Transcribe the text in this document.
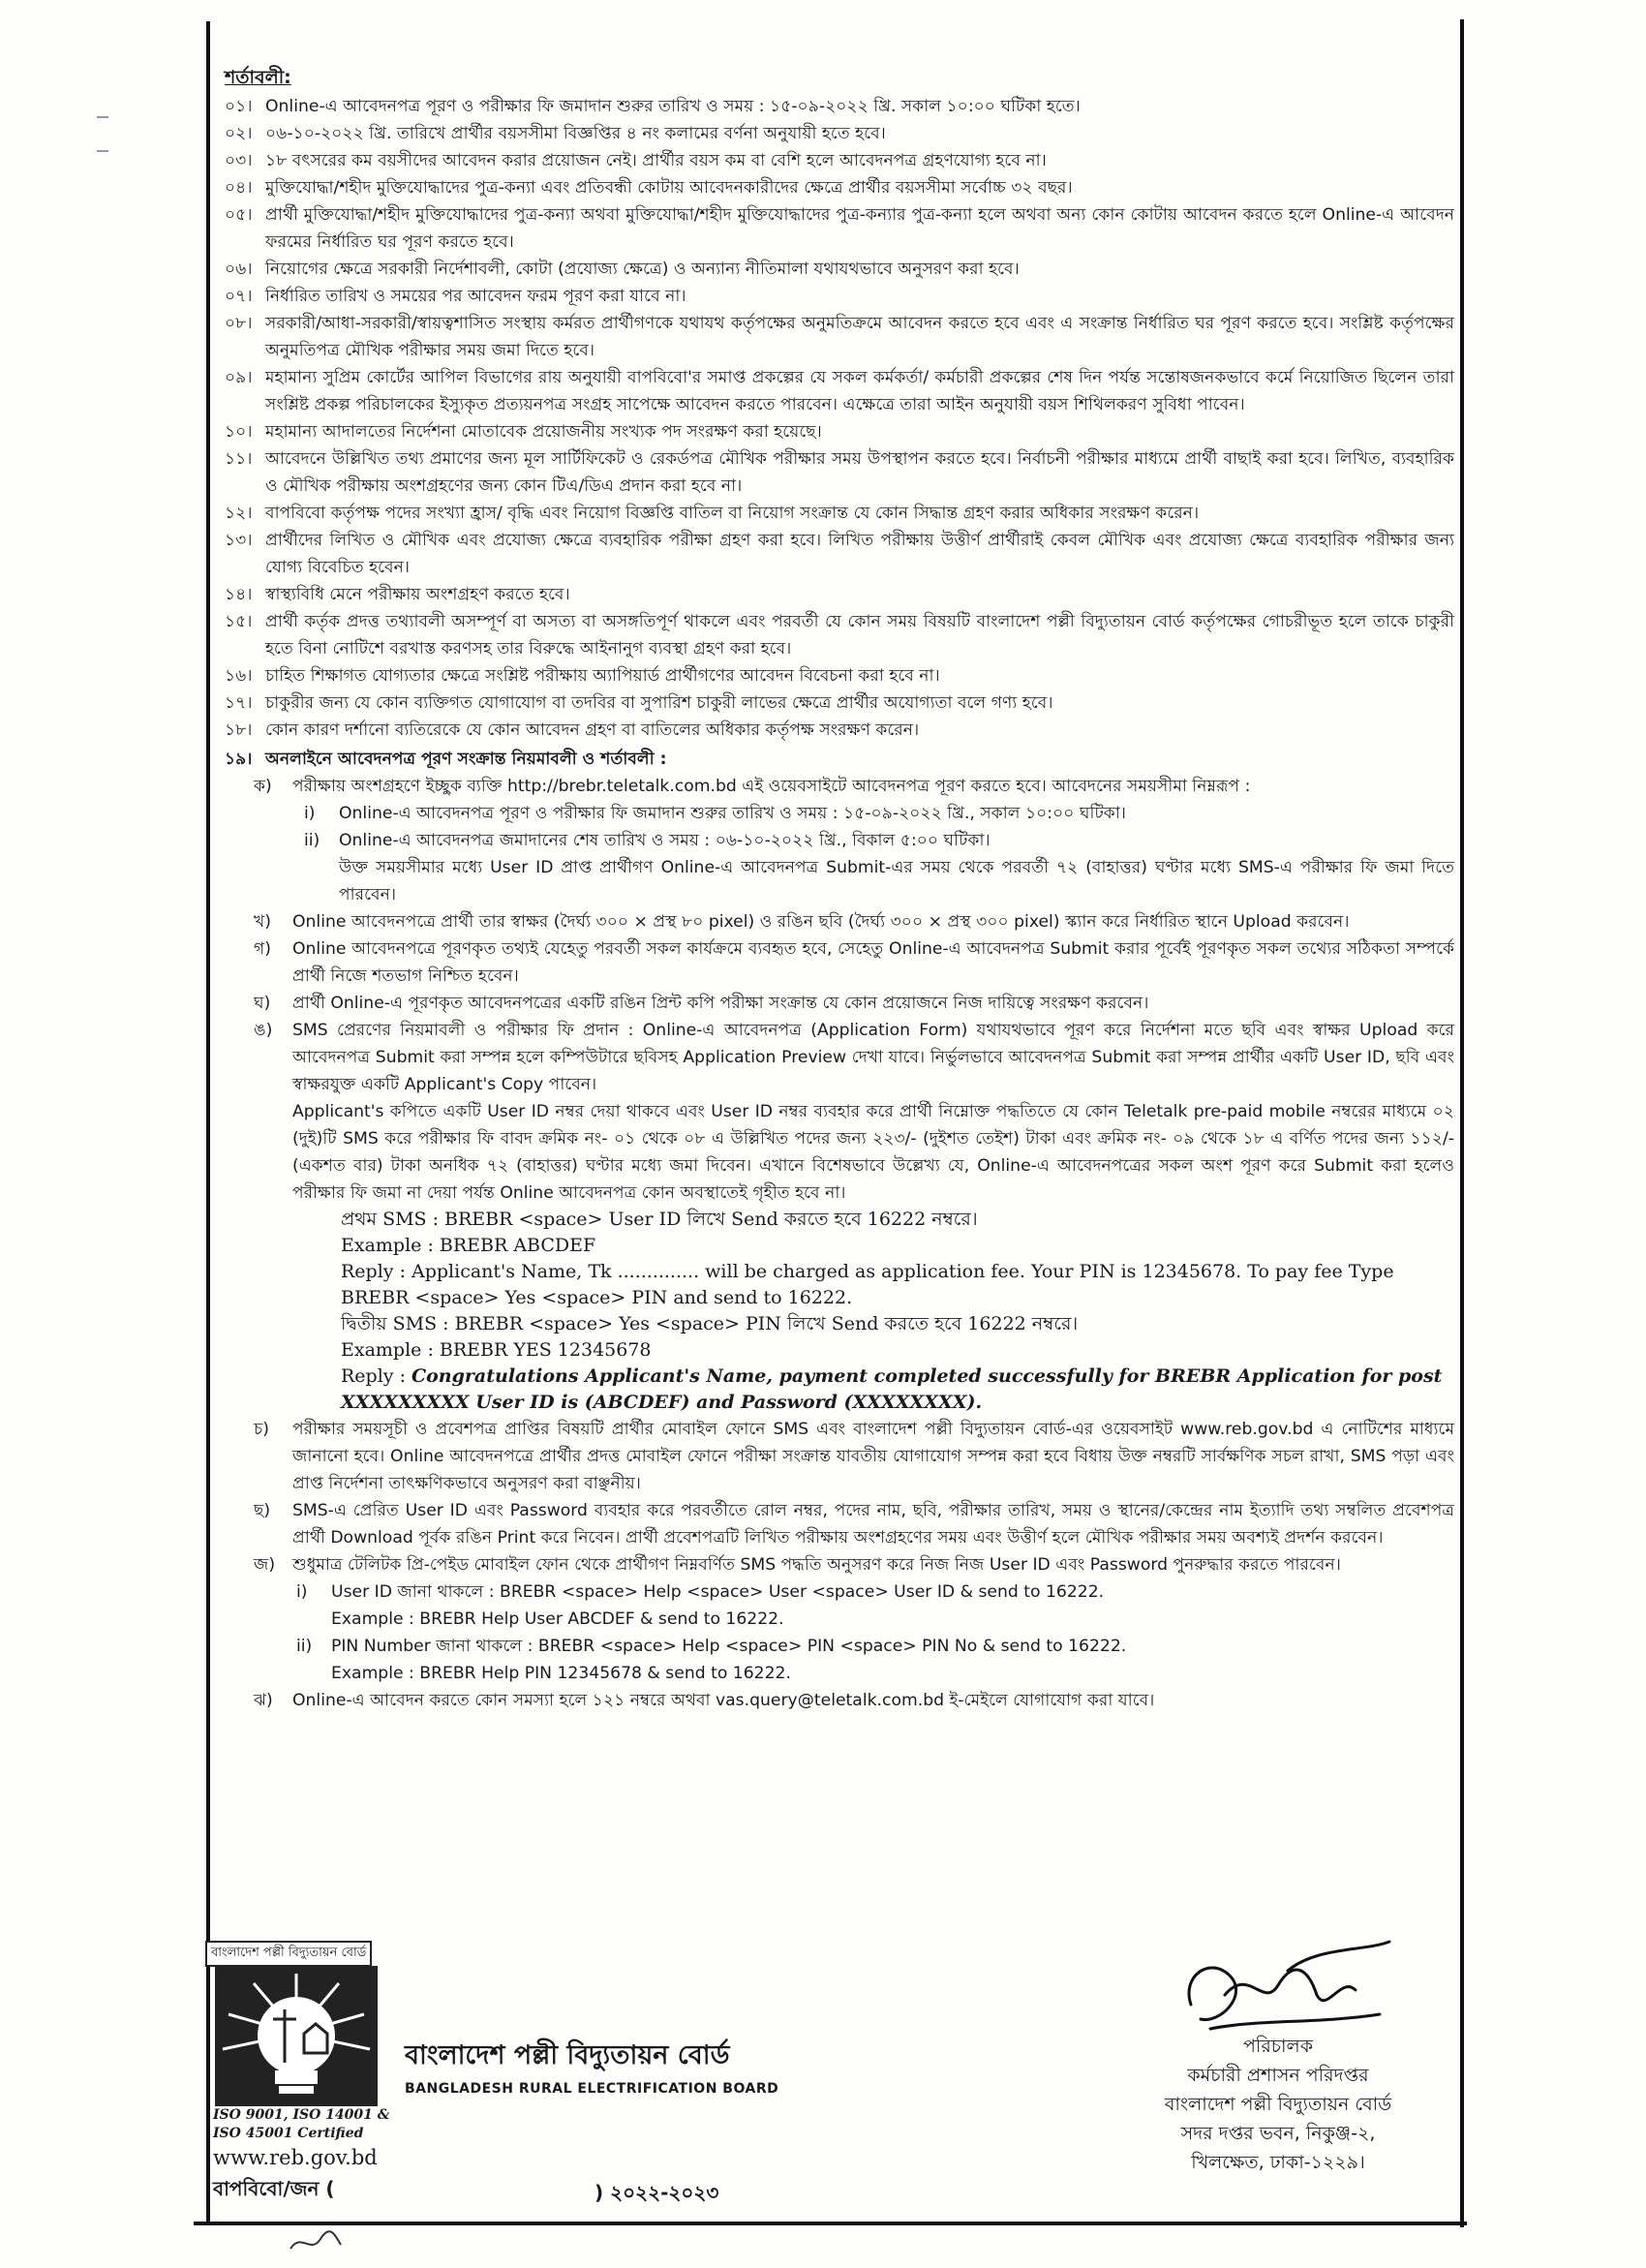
শর্তাবলী:
০১। Online-এ আবেদনপত্র পূরণ ও পরীক্ষার ফি জমাদান শুরুর তারিখ ও সময় : ১৫-০৯-২০২২ খ্রি. সকাল ১০:০০ ঘটিকা হতে।
০২। ০৬-১০-২০২২ খ্রি. তারিখে প্রার্থীর বয়সসীমা বিজ্ঞপ্তির ৪ নং কলামের বর্ণনা অনুযায়ী হতে হবে।
০৩। ১৮ বৎসরের কম বয়সীদের আবেদন করার প্রয়োজন নেই। প্রার্থীর বয়স কম বা বেশি হলে আবেদনপত্র গ্রহণযোগ্য হবে না।
০৪। মুক্তিযোদ্ধা/শহীদ মুক্তিযোদ্ধাদের পুত্র-কন্যা এবং প্রতিবন্ধী কোটায় আবেদনকারীদের ক্ষেত্রে প্রার্থীর বয়সসীমা সর্বোচ্চ ৩২ বছর।
০৫। প্রার্থী মুক্তিযোদ্ধা/শহীদ মুক্তিযোদ্ধাদের পুত্র-কন্যা অথবা মুক্তিযোদ্ধা/শহীদ মুক্তিযোদ্ধাদের পুত্র-কন্যার পুত্র-কন্যা হলে অথবা অন্য কোন কোটায় আবেদন করতে হলে Online-এ আবেদন ফরমের নির্ধারিত ঘর পূরণ করতে হবে।
০৬। নিয়োগের ক্ষেত্রে সরকারী নির্দেশাবলী, কোটা (প্রযোজ্য ক্ষেত্রে) ও অন্যান্য নীতিমালা যথাযথভাবে অনুসরণ করা হবে।
০৭। নির্ধারিত তারিখ ও সময়ের পর আবেদন ফরম পূরণ করা যাবে না।
০৮। সরকারী/আধা-সরকারী/স্বায়ত্বশাসিত সংস্থায় কর্মরত প্রার্থীগণকে যথাযথ কর্তৃপক্ষের অনুমতিক্রমে আবেদন করতে হবে এবং এ সংক্রান্ত নির্ধারিত ঘর পূরণ করতে হবে। সংশ্লিষ্ট কর্তৃপক্ষের অনুমতিপত্র মৌখিক পরীক্ষার সময় জমা দিতে হবে।
০৯। মহামান্য সুপ্রিম কোর্টের আপিল বিভাগের রায় অনুযায়ী বাপবিবো'র সমাপ্ত প্রকল্পের যে সকল কর্মকর্তা/ কর্মচারী প্রকল্পের শেষ দিন পর্যন্ত সন্তোষজনকভাবে কর্মে নিয়োজিত ছিলেন তারা সংশ্লিষ্ট প্রকল্প পরিচালকের ইস্যুকৃত প্রত্যয়নপত্র সংগ্রহ সাপেক্ষে আবেদন করতে পারবেন। এক্ষেত্রে তারা আইন অনুযায়ী বয়স শিথিলকরণ সুবিধা পাবেন।
১০। মহামান্য আদালতের নির্দেশনা মোতাবেক প্রয়োজনীয় সংখ্যক পদ সংরক্ষণ করা হয়েছে।
১১। আবেদনে উল্লিখিত তথ্য প্রমাণের জন্য মূল সার্টিফিকেট ও রেকর্ডপত্র মৌখিক পরীক্ষার সময় উপস্থাপন করতে হবে। নির্বাচনী পরীক্ষার মাধ্যমে প্রার্থী বাছাই করা হবে। লিখিত, ব্যবহারিক ও মৌখিক পরীক্ষায় অংশগ্রহণের জন্য কোন টিএ/ডিএ প্রদান করা হবে না।
১২। বাপবিবো কর্তৃপক্ষ পদের সংখ্যা হ্রাস/ বৃদ্ধি এবং নিয়োগ বিজ্ঞপ্তি বাতিল বা নিয়োগ সংক্রান্ত যে কোন সিদ্ধান্ত গ্রহণ করার অধিকার সংরক্ষণ করেন।
১৩। প্রার্থীদের লিখিত ও মৌখিক এবং প্রযোজ্য ক্ষেত্রে ব্যবহারিক পরীক্ষা গ্রহণ করা হবে। লিখিত পরীক্ষায় উত্তীর্ণ প্রার্থীরাই কেবল মৌখিক এবং প্রযোজ্য ক্ষেত্রে ব্যবহারিক পরীক্ষার জন্য যোগ্য বিবেচিত হবেন।
১৪। স্বাস্থ্যবিধি মেনে পরীক্ষায় অংশগ্রহণ করতে হবে।
১৫। প্রার্থী কর্তৃক প্রদত্ত তথ্যাবলী অসম্পূর্ণ বা অসত্য বা অসঙ্গতিপূর্ণ থাকলে এবং পরবর্তী যে কোন সময় বিষয়টি বাংলাদেশ পল্লী বিদ্যুতায়ন বোর্ড কর্তৃপক্ষের গোচরীভূত হলে তাকে চাকুরী হতে বিনা নোটিশে বরখাস্ত করণসহ তার বিরুদ্ধে আইনানুগ ব্যবস্থা গ্রহণ করা হবে।
১৬। চাহিত শিক্ষাগত যোগ্যতার ক্ষেত্রে সংশ্লিষ্ট পরীক্ষায় অ্যাপিয়ার্ড প্রার্থীগণের আবেদন বিবেচনা করা হবে না।
১৭। চাকুরীর জন্য যে কোন ব্যক্তিগত যোগাযোগ বা তদবির বা সুপারিশ চাকুরী লাভের ক্ষেত্রে প্রার্থীর অযোগ্যতা বলে গণ্য হবে।
১৮। কোন কারণ দর্শানো ব্যতিরেকে যে কোন আবেদন গ্রহণ বা বাতিলের অধিকার কর্তৃপক্ষ সংরক্ষণ করেন।
১৯। অনলাইনে আবেদনপত্র পূরণ সংক্রান্ত নিয়মাবলী ও শর্তাবলী :
ক)	পরীক্ষায় অংশগ্রহণে ইচ্ছুক ব্যক্তি http://brebr.teletalk.com.bd এই ওয়েবসাইটে আবেদনপত্র পূরণ করতে হবে। আবেদনের সময়সীমা নিম্নরূপ :
i)	Online-এ আবেদনপত্র পূরণ ও পরীক্ষার ফি জমাদান শুরুর তারিখ ও সময় : ১৫-০৯-২০২২ খ্রি., সকাল ১০:০০ ঘটিকা।
ii)	Online-এ আবেদনপত্র জমাদানের শেষ তারিখ ও সময় : ০৬-১০-২০২২ খ্রি., বিকাল ৫:০০ ঘটিকা।
উক্ত সময়সীমার মধ্যে User ID প্রাপ্ত প্রার্থীগণ Online-এ আবেদনপত্র Submit-এর সময় থেকে পরবর্তী ৭২ (বাহাত্তর) ঘণ্টার মধ্যে SMS-এ পরীক্ষার ফি জমা দিতে পারবেন।
খ)	Online আবেদনপত্রে প্রার্থী তার স্বাক্ষর (দৈর্ঘ্য ৩০০ × প্রস্থ ৮০ pixel) ও রঙিন ছবি (দৈর্ঘ্য ৩০০ × প্রস্থ ৩০০ pixel) স্ক্যান করে নির্ধারিত স্থানে Upload করবেন।
গ)	Online আবেদনপত্রে পূরণকৃত তথ্যই যেহেতু পরবর্তী সকল কার্যক্রমে ব্যবহৃত হবে, সেহেতু Online-এ আবেদনপত্র Submit করার পূর্বেই পূরণকৃত সকল তথ্যের সঠিকতা সম্পর্কে প্রার্থী নিজে শতভাগ নিশ্চিত হবেন।
ঘ)	প্রার্থী Online-এ পূরণকৃত আবেদনপত্রের একটি রঙিন প্রিন্ট কপি পরীক্ষা সংক্রান্ত যে কোন প্রয়োজনে নিজ দায়িত্বে সংরক্ষণ করবেন।
ঙ)	SMS প্রেরণের নিয়মাবলী ও পরীক্ষার ফি প্রদান : Online-এ আবেদনপত্র (Application Form) যথাযথভাবে পূরণ করে নির্দেশনা মতে ছবি এবং স্বাক্ষর Upload করে আবেদনপত্র Submit করা সম্পন্ন হলে কম্পিউটারে ছবিসহ Application Preview দেখা যাবে। নির্ভুলভাবে আবেদনপত্র Submit করা সম্পন্ন প্রার্থীর একটি User ID, ছবি এবং স্বাক্ষরযুক্ত একটি Applicant's Copy পাবেন।
Applicant's কপিতে একটি User ID নম্বর দেয়া থাকবে এবং User ID নম্বর ব্যবহার করে প্রার্থী নিম্নোক্ত পদ্ধতিতে যে কোন Teletalk pre-paid mobile নম্বরের মাধ্যমে ০২ (দুই)টি SMS করে পরীক্ষার ফি বাবদ ক্রমিক নং- ০১ থেকে ০৮ এ উল্লিখিত পদের জন্য ২২৩/- (দুইশত তেইশ) টাকা এবং ক্রমিক নং- ০৯ থেকে ১৮ এ বর্ণিত পদের জন্য ১১২/- (একশত বার) টাকা অনধিক ৭২ (বাহাত্তর) ঘণ্টার মধ্যে জমা দিবেন। এখানে বিশেষভাবে উল্লেখ্য যে, Online-এ আবেদনপত্রের সকল অংশ পূরণ করে Submit করা হলেও পরীক্ষার ফি জমা না দেয়া পর্যন্ত Online আবেদনপত্র কোন অবস্থাতেই গৃহীত হবে না।
প্রথম SMS : BREBR <space> User ID লিখে Send করতে হবে 16222 নম্বরে।
Example : BREBR ABCDEF
Reply : Applicant's Name, Tk .............. will be charged as application fee. Your PIN is 12345678. To pay fee Type BREBR <space> Yes <space> PIN and send to 16222.
দ্বিতীয় SMS : BREBR <space> Yes <space> PIN লিখে Send করতে হবে 16222 নম্বরে।
Example : BREBR YES 12345678
Reply : Congratulations Applicant's Name, payment completed successfully for BREBR Application for post XXXXXXXXX User ID is (ABCDEF) and Password (XXXXXXXX).
চ)	পরীক্ষার সময়সূচী ও প্রবেশপত্র প্রাপ্তির বিষয়টি প্রার্থীর মোবাইল ফোনে SMS এবং বাংলাদেশ পল্লী বিদ্যুতায়ন বোর্ড-এর ওয়েবসাইট www.reb.gov.bd এ নোটিশের মাধ্যমে জানানো হবে। Online আবেদনপত্রে প্রার্থীর প্রদত্ত মোবাইল ফোনে পরীক্ষা সংক্রান্ত যাবতীয় যোগাযোগ সম্পন্ন করা হবে বিধায় উক্ত নম্বরটি সার্বক্ষণিক সচল রাখা, SMS পড়া এবং প্রাপ্ত নির্দেশনা তাৎক্ষণিকভাবে অনুসরণ করা বাঞ্ছনীয়।
ছ)	SMS-এ প্রেরিত User ID এবং Password ব্যবহার করে পরবর্তীতে রোল নম্বর, পদের নাম, ছবি, পরীক্ষার তারিখ, সময় ও স্থানের/কেন্দ্রের নাম ইত্যাদি তথ্য সম্বলিত প্রবেশপত্র প্রার্থী Download পূর্বক রঙিন Print করে নিবেন। প্রার্থী প্রবেশপত্রটি লিখিত পরীক্ষায় অংশগ্রহণের সময় এবং উত্তীর্ণ হলে মৌখিক পরীক্ষার সময় অবশ্যই প্রদর্শন করবেন।
জ)	শুধুমাত্র টেলিটক প্রি-পেইড মোবাইল ফোন থেকে প্রার্থীগণ নিম্নবর্ণিত SMS পদ্ধতি অনুসরণ করে নিজ নিজ User ID এবং Password পুনরুদ্ধার করতে পারবেন।
i)	User ID জানা থাকলে : BREBR <space> Help <space> User <space> User ID & send to 16222.
Example : BREBR Help User ABCDEF & send to 16222.
ii)	PIN Number জানা থাকলে : BREBR <space> Help <space> PIN <space> PIN No & send to 16222.
Example : BREBR Help PIN 12345678 & send to 16222.
ঝ)	Online-এ আবেদন করতে কোন সমস্যা হলে ১২১ নম্বরে অথবা vas.query@teletalk.com.bd ই-মেইলে যোগাযোগ করা যাবে।
বাংলাদেশ পল্লী বিদ্যুতায়ন বোর্ড
ISO 9001, ISO 14001 &
ISO 45001 Certified
www.reb.gov.bd
বাপবিবো/জন (	) ২০২২-২০২৩
বাংলাদেশ পল্লী বিদ্যুতায়ন বোর্ড
BANGLADESH RURAL ELECTRIFICATION BOARD
পরিচালক
কর্মচারী প্রশাসন পরিদপ্তর
বাংলাদেশ পল্লী বিদ্যুতায়ন বোর্ড
সদর দপ্তর ভবন, নিকুঞ্জ-২,
খিলক্ষেত, ঢাকা-১২২৯।
